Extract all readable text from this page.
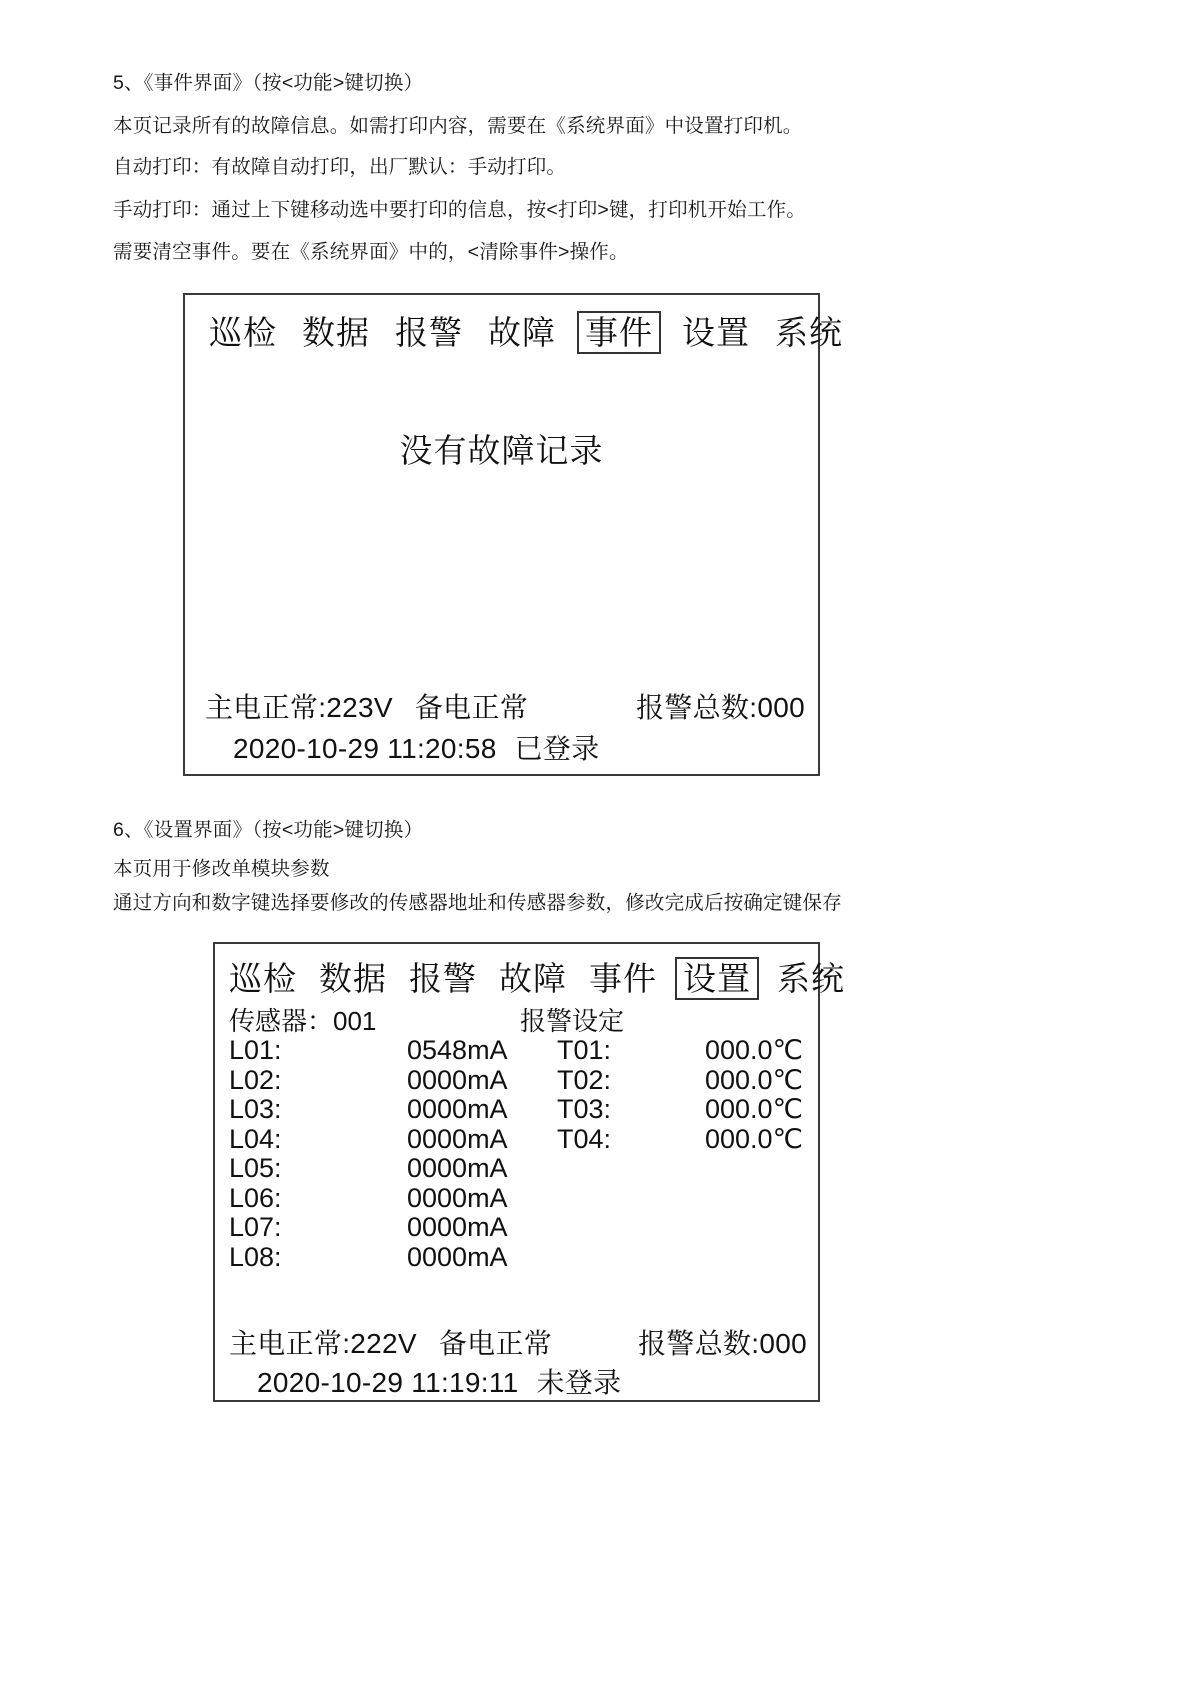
5、《事件界面》（按<功能>键切换）
本页记录所有的故障信息。如需打印内容，需要在《系统界面》中设置打印机。
自动打印：有故障自动打印，出厂默认：手动打印。
手动打印：通过上下键移动选中要打印的信息，按<打印>键，打印机开始工作。
需要清空事件。要在《系统界面》中的，<清除事件>操作。
巡检 数据 报警 故障 事件 设置 系统
没有故障记录
主电正常:223V 备电正常	报警总数:000
2020-10-29 11:20:58 已登录
6、《设置界面》（按<功能>键切换）
本页用于修改单模块参数
通过方向和数字键选择要修改的传感器地址和传感器参数，修改完成后按确定键保存
巡检 数据 报警 故障 事件 设置 系统
传感器：001	报警设定
L01:	0548mA	T01:	000.0℃
L02:	0000mA	T02:	000.0℃
L03:	0000mA	T03:	000.0℃
L04:	0000mA	T04:	000.0℃
L05:	0000mA
L06:	0000mA
L07:	0000mA
L08:	0000mA
主电正常:222V 备电正常	报警总数:000
2020-10-29 11:19:11 未登录
